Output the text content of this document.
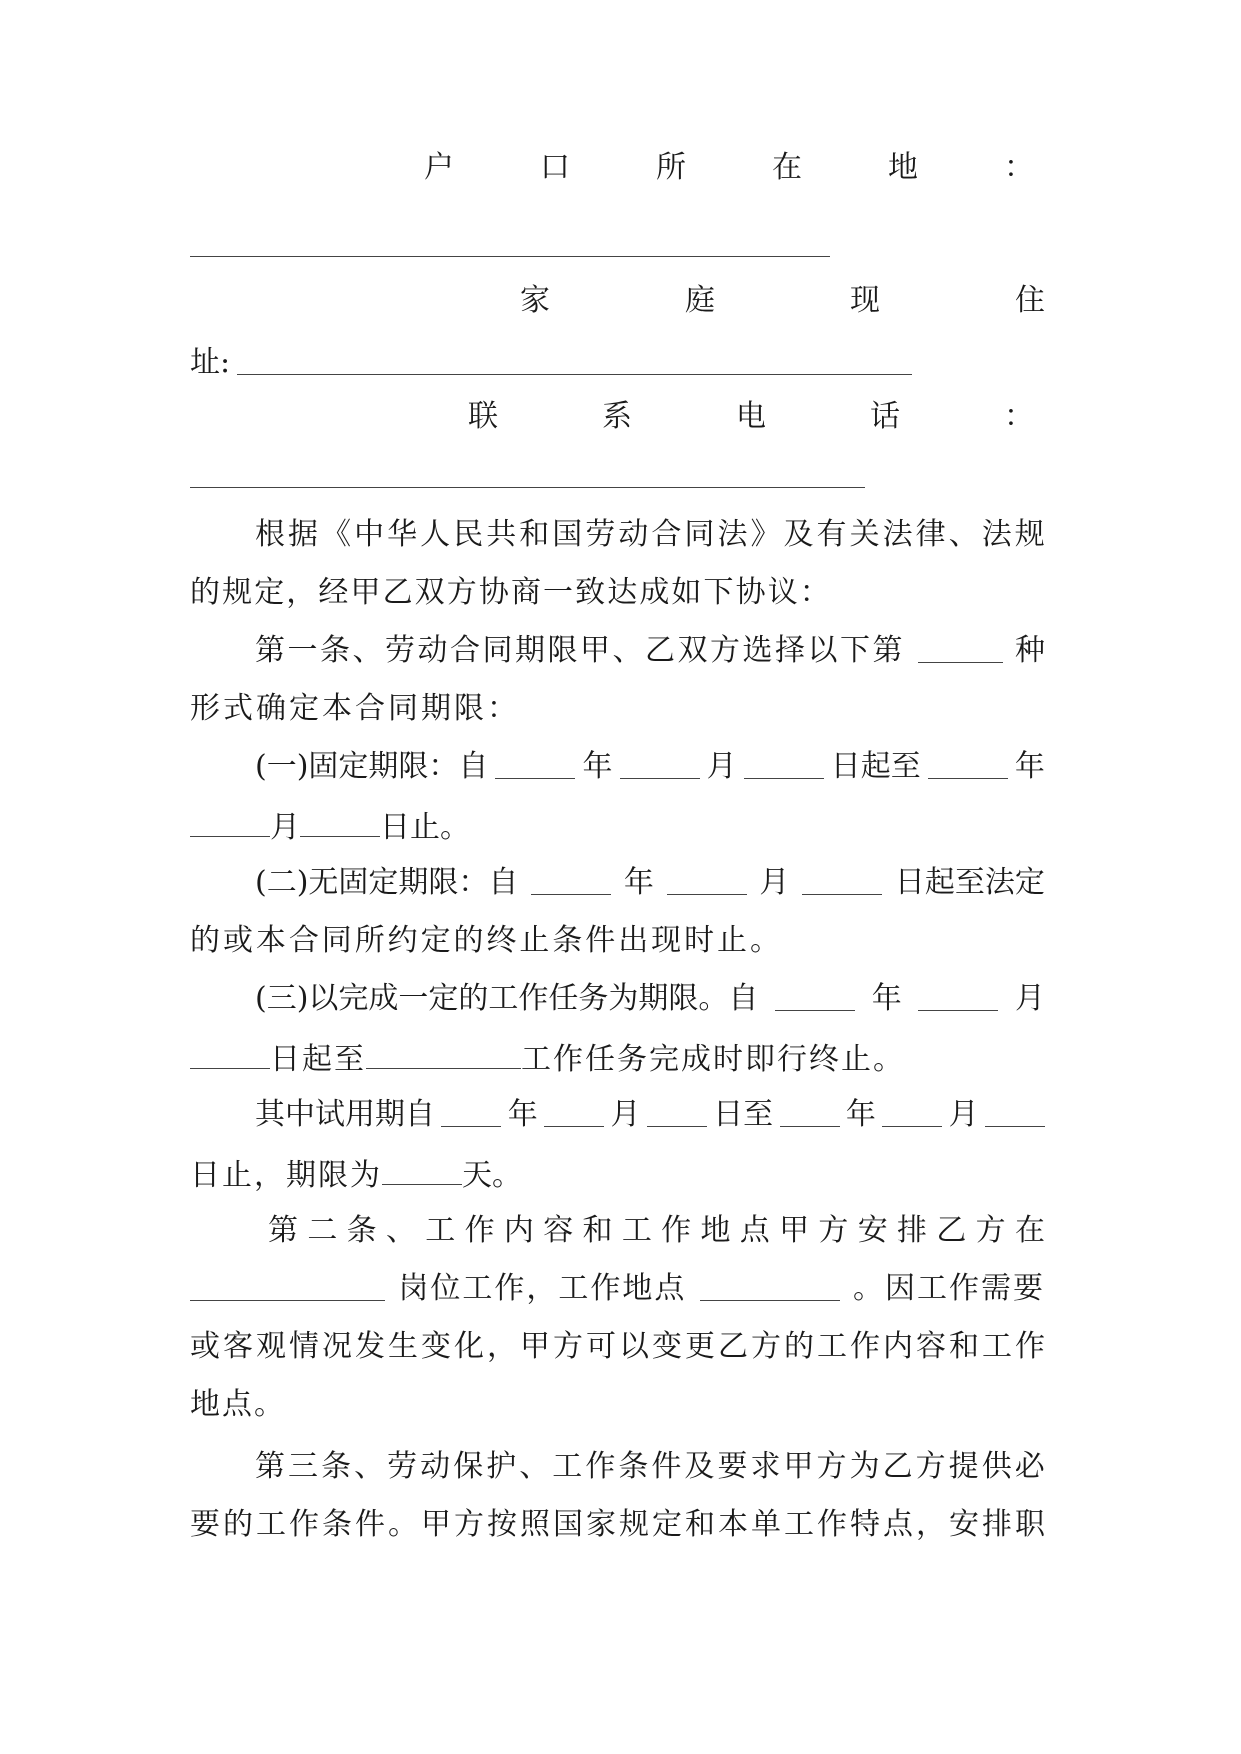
户	口	所	在	地	：
家	庭	现	住
址:
联	系	电	话	：
根 据 《 中 华 人 民 共 和 国 劳 动 合 同 法 》 及 有 关 法 律 、 法 规
的 规 定 ， 经 甲 乙 双 方 协 商 一 致 达 成 如 下 协 议 ：
第一条、劳动合同期限甲、乙双方选择以下第	种
形式确定本合同期限：
(一)固定期限：自	年	月	日起至	年
月	日止。
(二)无固定期限：自	年	月	日起至法定
的 或 本 合 同 所 约 定 的 终 止 条 件 出 现 时 止 。
(三)以完成一定的工作任务为期限。自	年	月
日起至	工作任务完成时即行终止。
其中试用期自 年 月 日至 年 月
日止，期限为	天。
第 二 条 、 工 作 内 容 和 工 作 地 点 甲 方 安 排 乙 方 在
岗位工作，工作地点	。因工作需要
或 客 观 情 况 发 生 变 化 ， 甲 方 可 以 变 更 乙 方 的 工 作 内 容 和 工 作
地点。
第 三 条 、 劳 动 保 护 、 工 作 条 件 及 要 求 甲 方 为 乙 方 提 供 必
要 的 工 作 条 件 。 甲 方 按 照 国 家 规 定 和 本 单 工 作 特 点 ， 安 排 职
